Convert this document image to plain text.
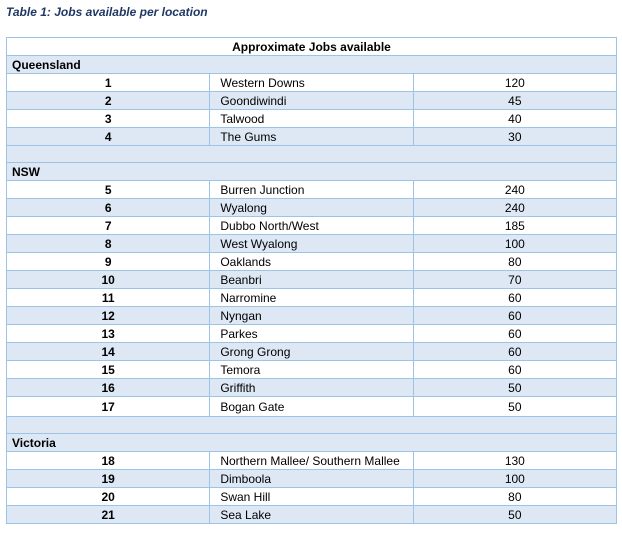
Table 1: Jobs available per location
Approximate Jobs available		
Queensland		
1	Western Downs	120
2	Goondiwindi	45
3	Talwood	40
4	The Gums	30

NSW		
5	Burren Junction	240
6	Wyalong	240
7	Dubbo North/West	185
8	West Wyalong	100
9	Oaklands	80
10	Beanbri	70
11	Narromine	60
12	Nyngan	60
13	Parkes	60
14	Grong Grong	60
15	Temora	60
16	Griffith	50
17	Bogan Gate	50

Victoria		
18	Northern Mallee/ Southern Mallee	130
19	Dimboola	100
20	Swan Hill	80
21	Sea Lake	50
